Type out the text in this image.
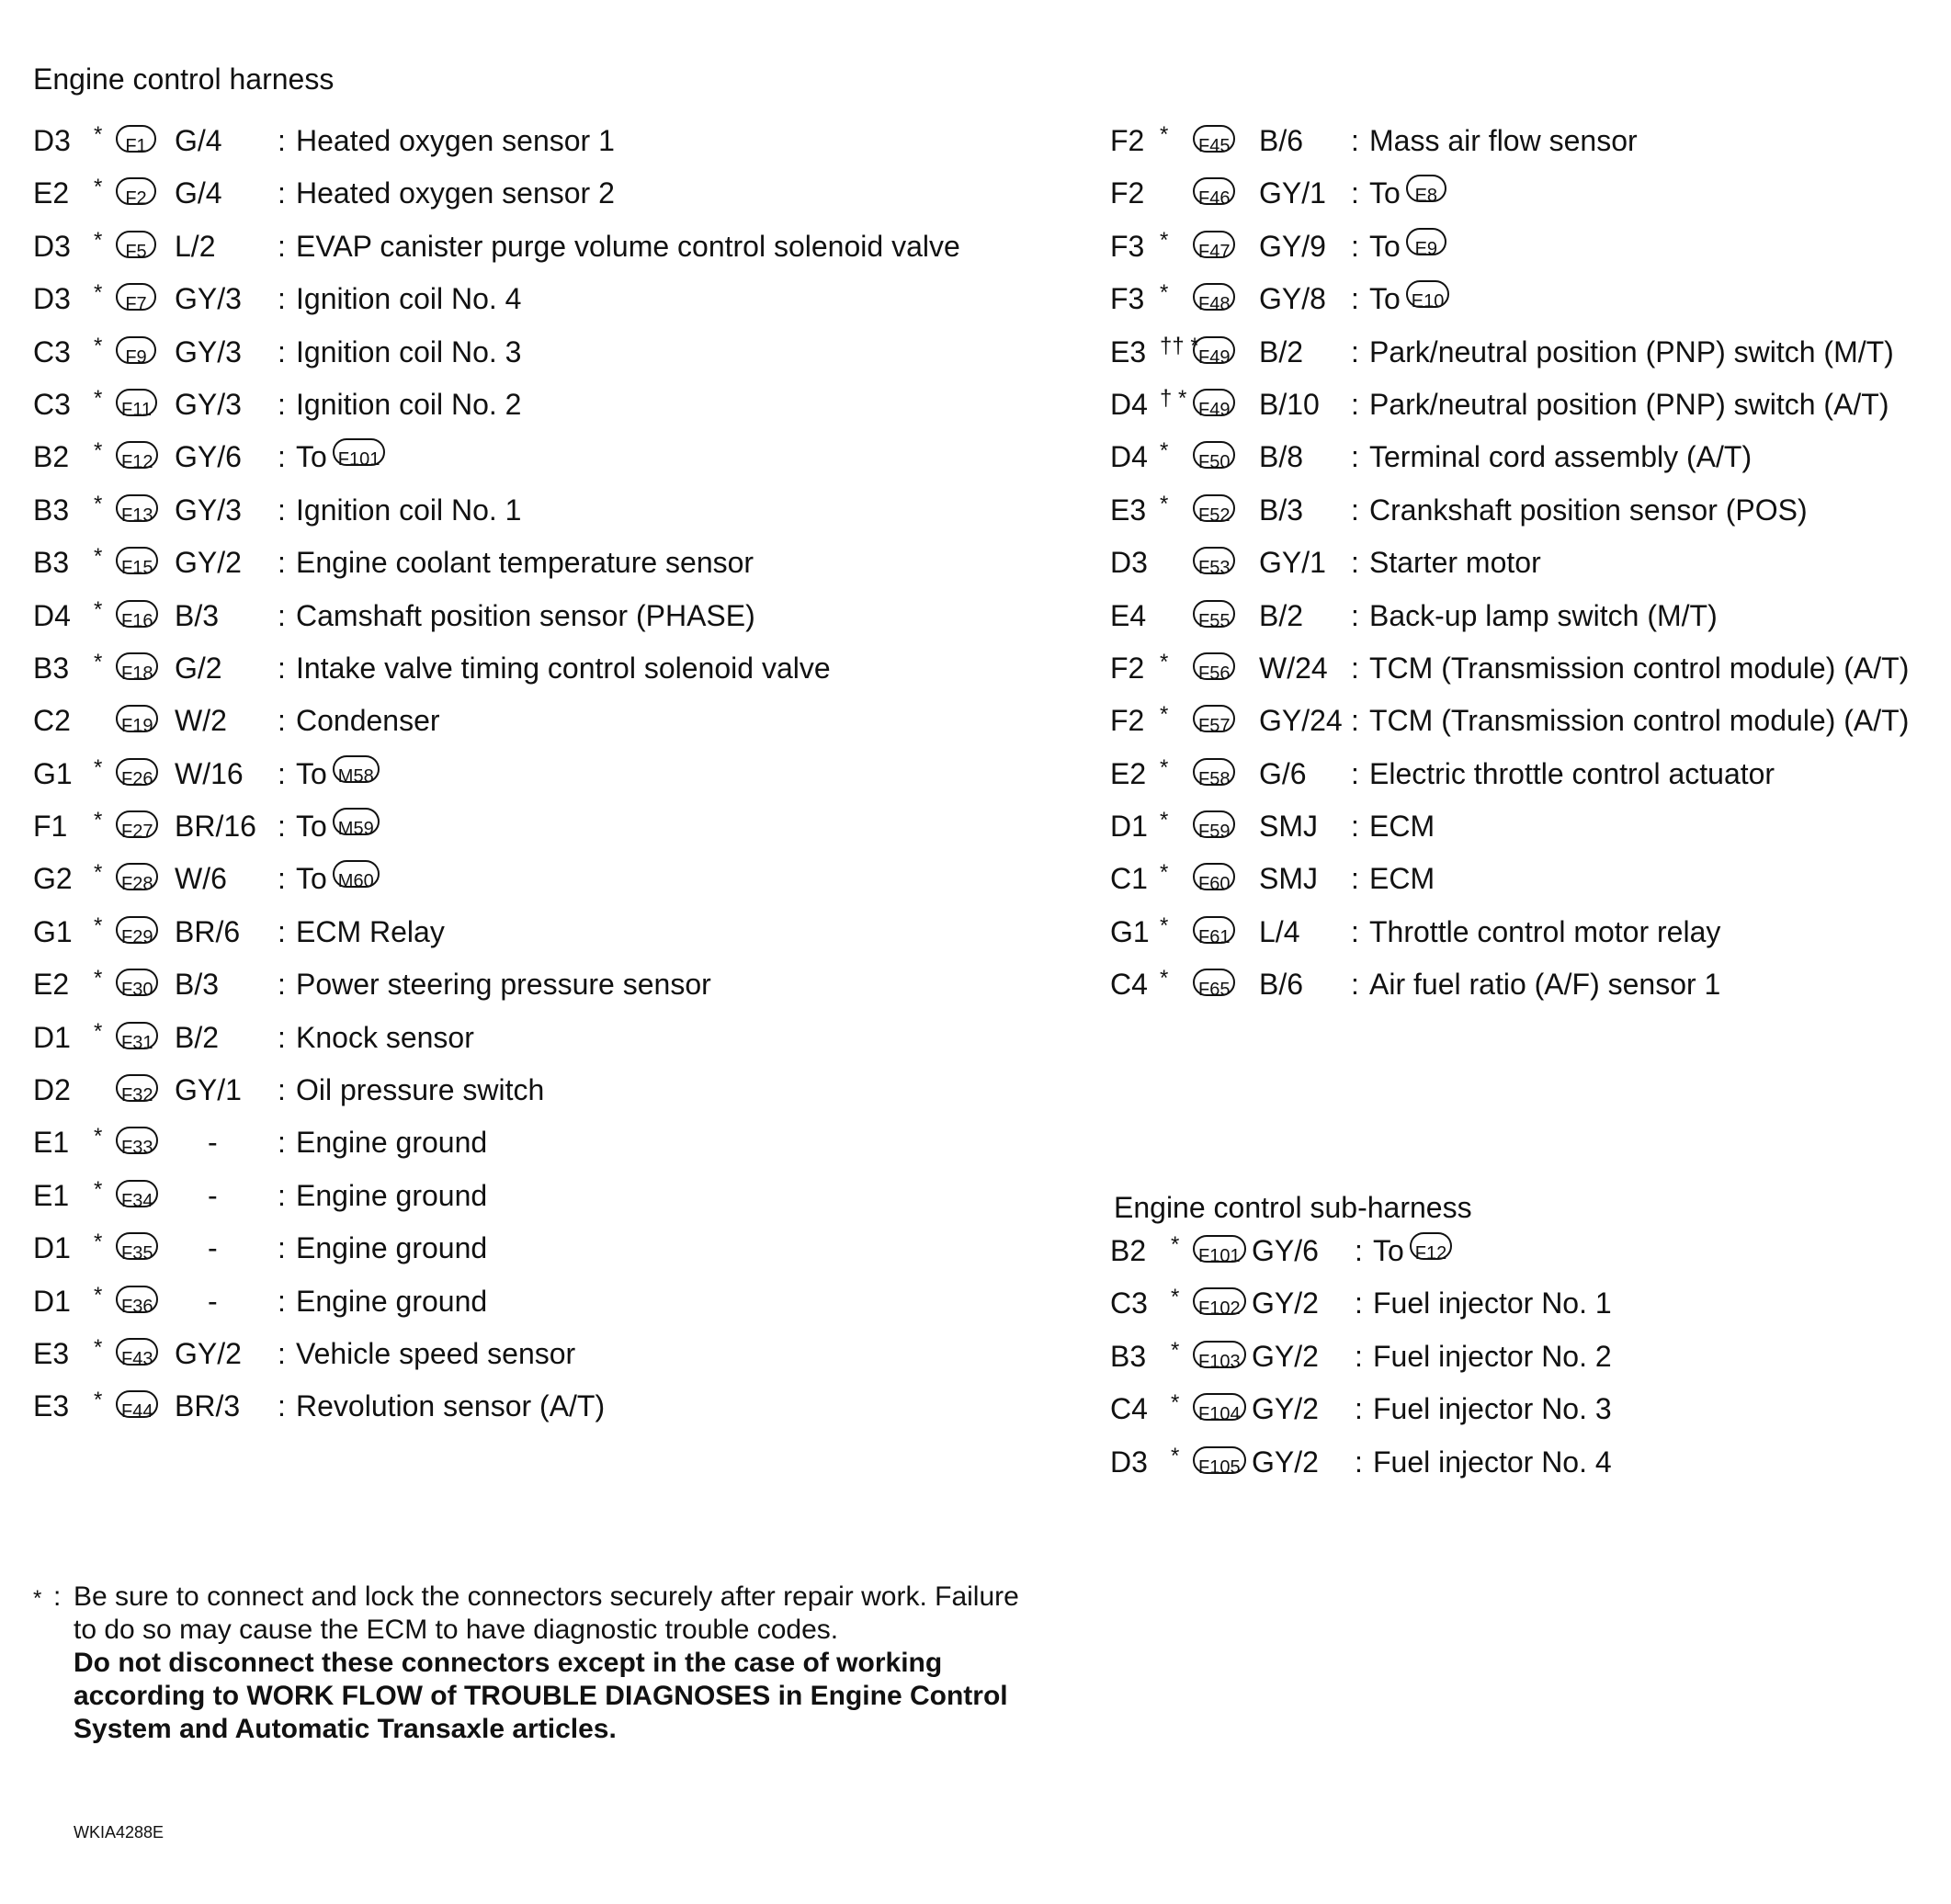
Engine control harness
Engine control sub-harness
D3 *	F1 G/4 : Heated oxygen sensor 1
E2 *	F2 G/4 : Heated oxygen sensor 2
D3 *	F5 L/2 : EVAP canister purge volume control solenoid valve
D3 *	F7 GY/3 : Ignition coil No. 4
C3 *	F9 GY/3 : Ignition coil No. 3
C3 *	F11 GY/3 : Ignition coil No. 2
B2 *	F12 GY/6 : To F101
B3 *	F13 GY/3 : Ignition coil No. 1
B3 *	F15 GY/2 : Engine coolant temperature sensor
D4 *	F16 B/3 : Camshaft position sensor (PHASE)
B3 *	F18 G/2 : Intake valve timing control solenoid valve
C2	F19 W/2 : Condenser
G1 *	F26 W/16 : To M58
F1 *	F27 BR/16 : To M59
G2 *	F28 W/6 : To M60
G1 *	F29 BR/6 : ECM Relay
E2 *	F30 B/3 : Power steering pressure sensor
D1 *	F31 B/2 : Knock sensor
D2	F32 GY/1 : Oil pressure switch
E1 *	F33 - : Engine ground
E1 *	F34 - : Engine ground
D1 *	F35 - : Engine ground
D1 *	F36 - : Engine ground
E3 *	F43 GY/2 : Vehicle speed sensor
E3 *	F44 BR/3 : Revolution sensor (A/T)
F2 *	F45 B/6 : Mass air flow sensor
F2	F46 GY/1 : To E8
F3 *	F47 GY/9 : To E9
F3 *	F48 GY/8 : To E10
E3 †† * F49 B/2 : Park/neutral position (PNP) switch (M/T)
D4 † * F49 B/10 : Park/neutral position (PNP) switch (A/T)
D4 *	F50 B/8 : Terminal cord assembly (A/T)
E3 *	F52 B/3 : Crankshaft position sensor (POS)
D3	F53 GY/1 : Starter motor
E4	F55 B/2 : Back-up lamp switch (M/T)
F2 *	F56 W/24 : TCM (Transmission control module) (A/T)
F2 *	F57 GY/24 : TCM (Transmission control module) (A/T)
E2 *	F58 G/6 : Electric throttle control actuator
D1 *	F59 SMJ : ECM
C1 *	F60 SMJ : ECM
G1 *	F61 L/4 : Throttle control motor relay
C4 *	F65 B/6 : Air fuel ratio (A/F) sensor 1
B2 *	F101 GY/6 : To F12
C3 *	F102 GY/2 : Fuel injector No. 1
B3 *	F103 GY/2 : Fuel injector No. 2
C4 *	F104 GY/2 : Fuel injector No. 3
D3 *	F105 GY/2 : Fuel injector No. 4
* : Be sure to connect and lock the connectors securely after repair work. Failure to do so may cause the ECM to have diagnostic trouble codes.
Do not disconnect these connectors except in the case of working according to WORK FLOW of TROUBLE DIAGNOSES in Engine Control System and Automatic Transaxle articles.
WKIA4288E
